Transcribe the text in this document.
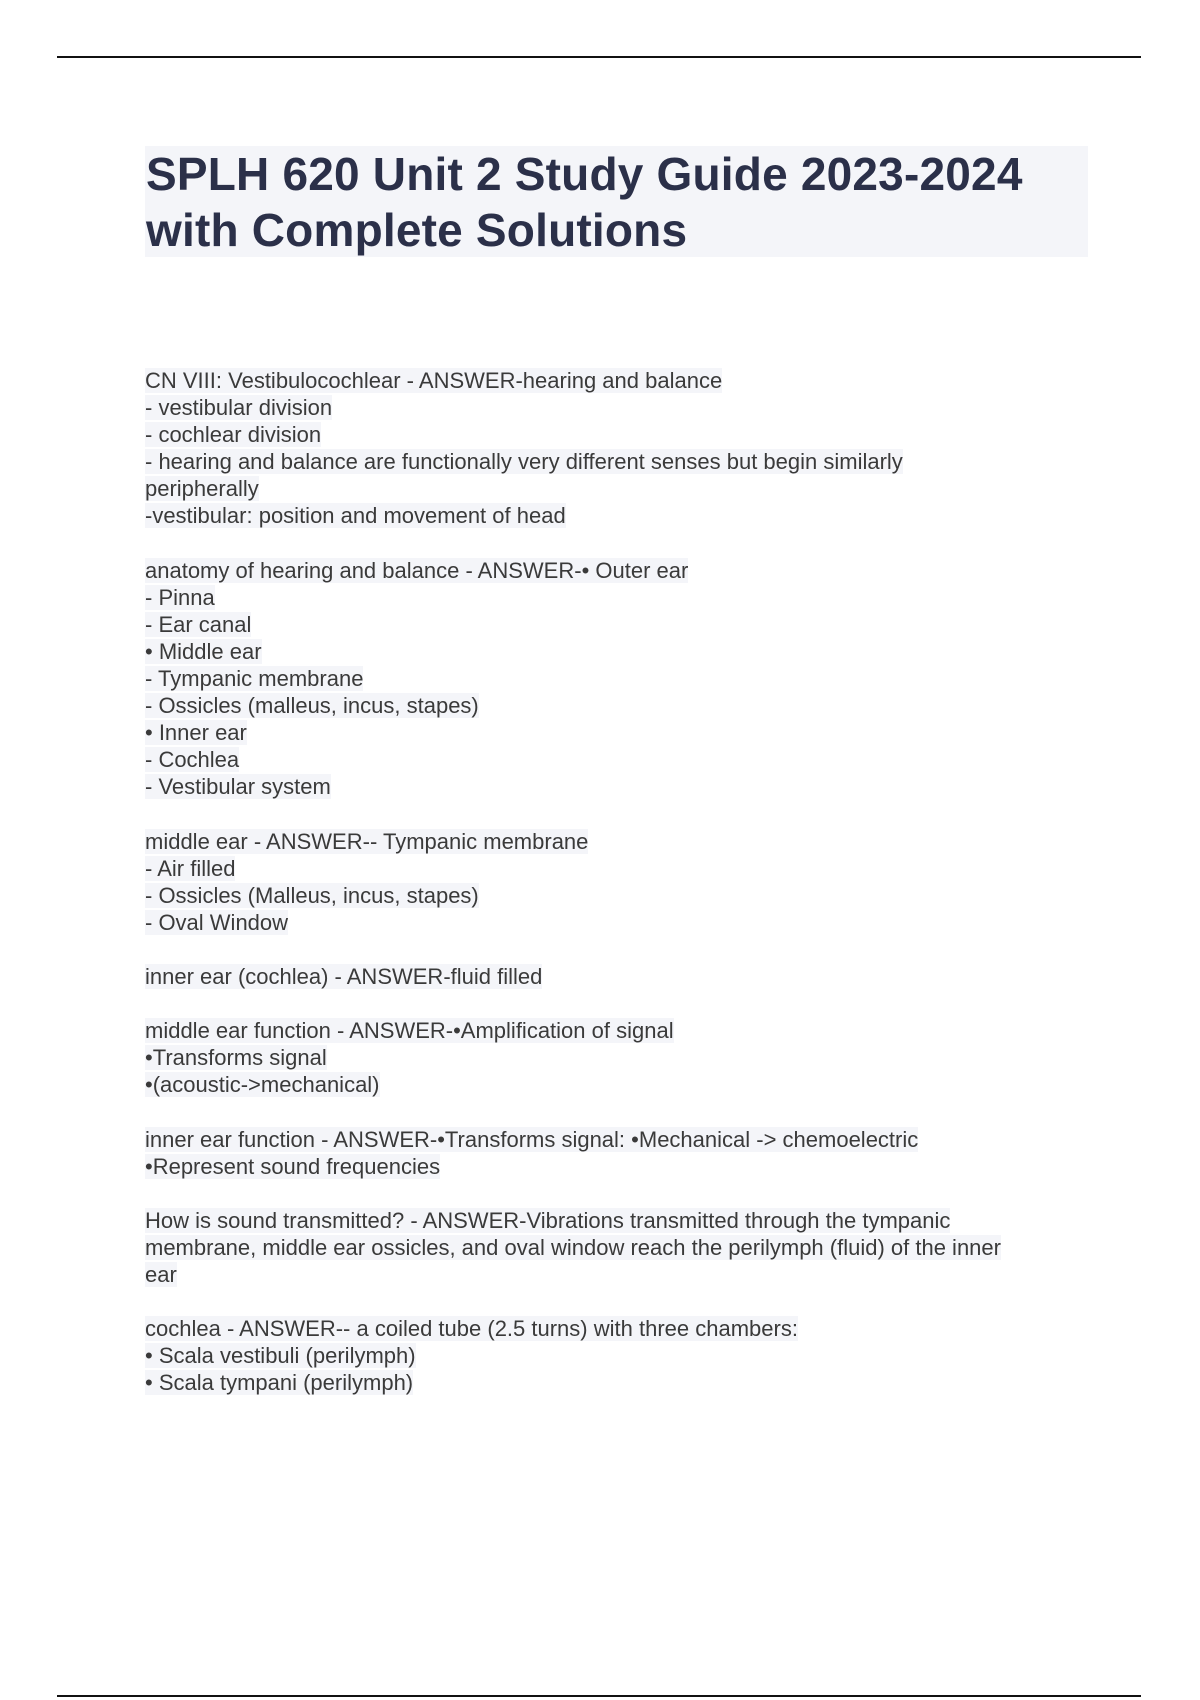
SPLH 620 Unit 2 Study Guide 2023-2024
with Complete Solutions
CN VIII: Vestibulocochlear - ANSWER-hearing and balance
- vestibular division
- cochlear division
- hearing and balance are functionally very different senses but begin similarly
peripherally
-vestibular: position and movement of head
anatomy of hearing and balance - ANSWER-• Outer ear
- Pinna
- Ear canal
• Middle ear
- Tympanic membrane
- Ossicles (malleus, incus, stapes)
• Inner ear
- Cochlea
- Vestibular system
middle ear - ANSWER-- Tympanic membrane
- Air filled
- Ossicles (Malleus, incus, stapes)
- Oval Window
inner ear (cochlea) - ANSWER-fluid filled
middle ear function - ANSWER-•Amplification of signal
•Transforms signal
•(acoustic->mechanical)
inner ear function - ANSWER-•Transforms signal: •Mechanical -> chemoelectric
•Represent sound frequencies
How is sound transmitted? - ANSWER-Vibrations transmitted through the tympanic
membrane, middle ear ossicles, and oval window reach the perilymph (fluid) of the inner
ear
cochlea - ANSWER-- a coiled tube (2.5 turns) with three chambers:
• Scala vestibuli (perilymph)
• Scala tympani (perilymph)
